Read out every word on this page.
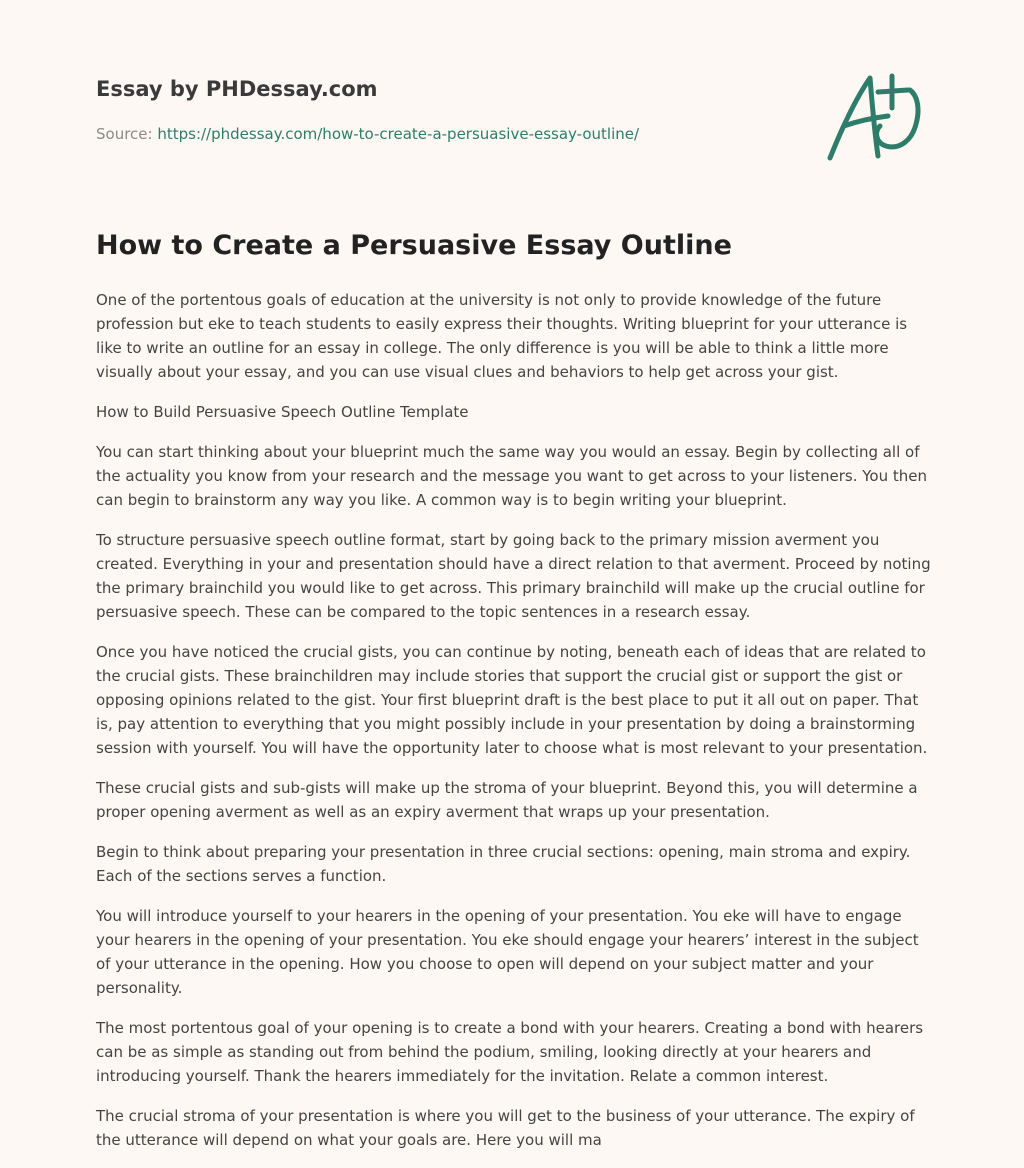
Essay by PHDessay.com
Source: https://phdessay.com/how-to-create-a-persuasive-essay-outline/
How to Create a Persuasive Essay Outline

One of the portentous goals of education at the university is not only to provide knowledge of the future profession but eke to teach students to easily express their thoughts. Writing blueprint for your utterance is like to write an outline for an essay in college. The only difference is you will be able to think a little more visually about your essay, and you can use visual clues and behaviors to help get across your gist.

How to Build Persuasive Speech Outline Template

You can start thinking about your blueprint much the same way you would an essay. Begin by collecting all of the actuality you know from your research and the message you want to get across to your listeners. You then can begin to brainstorm any way you like. A common way is to begin writing your blueprint.

To structure persuasive speech outline format, start by going back to the primary mission averment you created. Everything in your and presentation should have a direct relation to that averment. Proceed by noting the primary brainchild you would like to get across. This primary brainchild will make up the crucial outline for persuasive speech. These can be compared to the topic sentences in a research essay.

Once you have noticed the crucial gists, you can continue by noting, beneath each of ideas that are related to the crucial gists. These brainchildren may include stories that support the crucial gist or support the gist or opposing opinions related to the gist. Your first blueprint draft is the best place to put it all out on paper. That is, pay attention to everything that you might possibly include in your presentation by doing a brainstorming session with yourself. You will have the opportunity later to choose what is most relevant to your presentation.

These crucial gists and sub-gists will make up the stroma of your blueprint. Beyond this, you will determine a proper opening averment as well as an expiry averment that wraps up your presentation.

Begin to think about preparing your presentation in three crucial sections: opening, main stroma and expiry. Each of the sections serves a function.

You will introduce yourself to your hearers in the opening of your presentation. You eke will have to engage your hearers in the opening of your presentation. You eke should engage your hearers’ interest in the subject of your utterance in the opening. How you choose to open will depend on your subject matter and your personality.

The most portentous goal of your opening is to create a bond with your hearers. Creating a bond with hearers can be as simple as standing out from behind the podium, smiling, looking directly at your hearers and introducing yourself. Thank the hearers immediately for the invitation. Relate a common interest.

The crucial stroma of your presentation is where you will get to the business of your utterance. The expiry of the utterance will depend on what your goals are. Here you will ma
